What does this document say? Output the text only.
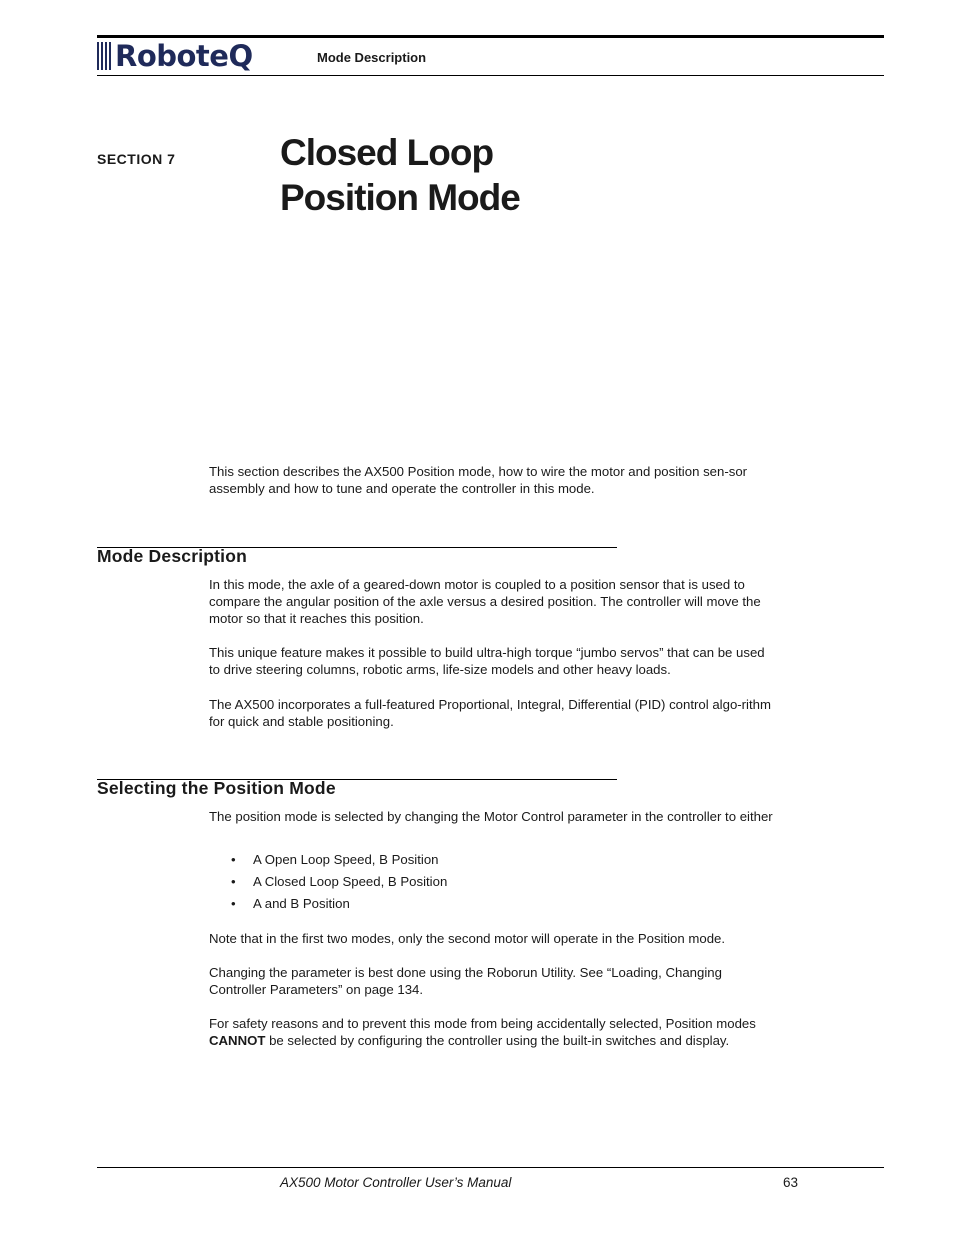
RoboteQ	Mode Description
SECTION 7	Closed Loop
Position Mode

This section describes the AX500 Position mode, how to wire the motor and position sen-sor assembly and how to tune and operate the controller in this mode.

Mode Description

In this mode, the axle of a geared-down motor is coupled to a position sensor that is used to compare the angular position of the axle versus a desired position. The controller will move the motor so that it reaches this position.

This unique feature makes it possible to build ultra-high torque “jumbo servos” that can be used to drive steering columns, robotic arms, life-size models and other heavy loads.

The AX500 incorporates a full-featured Proportional, Integral, Differential (PID) control algo-rithm for quick and stable positioning.

Selecting the Position Mode

The position mode is selected by changing the Motor Control parameter in the controller to either

• A Open Loop Speed, B Position
• A Closed Loop Speed, B Position
• A and B Position

Note that in the first two modes, only the second motor will operate in the Position mode.

Changing the parameter is best done using the Roborun Utility. See “Loading, Changing Controller Parameters” on page 134.

For safety reasons and to prevent this mode from being accidentally selected, Position modes CANNOT be selected by configuring the controller using the built-in switches and display.

AX500 Motor Controller User’s Manual	63
